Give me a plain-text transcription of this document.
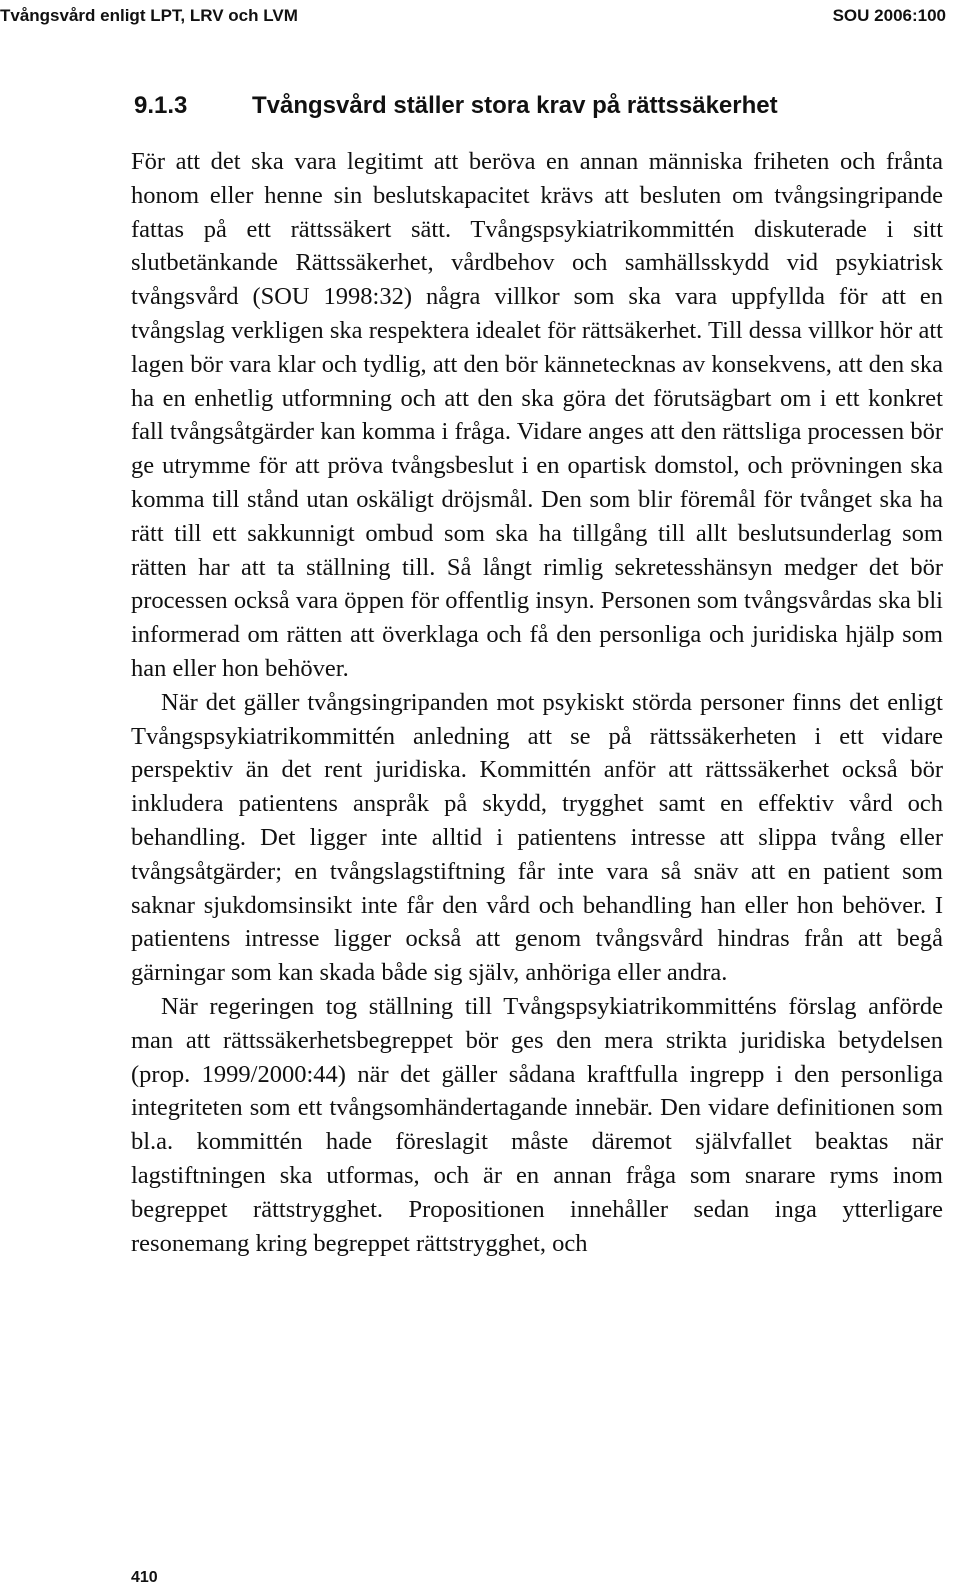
Tvångsvård enligt LPT, LRV och LVM	SOU 2006:100
9.1.3	Tvångsvård ställer stora krav på rättssäkerhet

För att det ska vara legitimt att beröva en annan människa friheten och frånta honom eller henne sin beslutskapacitet krävs att besluten om tvångsingripande fattas på ett rättssäkert sätt. Tvångspsykiatrikommittén diskuterade i sitt slutbetänkande Rättssäkerhet, vårdbehov och samhällsskydd vid psykiatrisk tvångsvård (SOU 1998:32) några villkor som ska vara uppfyllda för att en tvångslag verkligen ska respektera idealet för rättsäkerhet. Till dessa villkor hör att lagen bör vara klar och tydlig, att den bör kännetecknas av konsekvens, att den ska ha en enhetlig utformning och att den ska göra det förutsägbart om i ett konkret fall tvångsåtgärder kan komma i fråga. Vidare anges att den rättsliga processen bör ge utrymme för att pröva tvångsbeslut i en opartisk domstol, och prövningen ska komma till stånd utan oskäligt dröjsmål. Den som blir föremål för tvånget ska ha rätt till ett sakkunnigt ombud som ska ha tillgång till allt beslutsunderlag som rätten har att ta ställning till. Så långt rimlig sekretesshänsyn medger det bör processen också vara öppen för offentlig insyn. Personen som tvångsvårdas ska bli informerad om rätten att överklaga och få den personliga och juridiska hjälp som han eller hon behöver.

När det gäller tvångsingripanden mot psykiskt störda personer finns det enligt Tvångspsykiatrikommittén anledning att se på rättssäkerheten i ett vidare perspektiv än det rent juridiska. Kommittén anför att rättssäkerhet också bör inkludera patientens anspråk på skydd, trygghet samt en effektiv vård och behandling. Det ligger inte alltid i patientens intresse att slippa tvång eller tvångsåtgärder; en tvångslagstiftning får inte vara så snäv att en patient som saknar sjukdomsinsikt inte får den vård och behandling han eller hon behöver. I patientens intresse ligger också att genom tvångsvård hindras från att begå gärningar som kan skada både sig själv, anhöriga eller andra.

När regeringen tog ställning till Tvångspsykiatrikommitténs förslag anförde man att rättssäkerhetsbegreppet bör ges den mera strikta juridiska betydelsen (prop. 1999/2000:44) när det gäller sådana kraftfulla ingrepp i den personliga integriteten som ett tvångsomhändertagande innebär. Den vidare definitionen som bl.a. kommittén hade föreslagit måste däremot självfallet beaktas när lagstiftningen ska utformas, och är en annan fråga som snarare ryms inom begreppet rättstrygghet. Propositionen innehåller sedan inga ytterligare resonemang kring begreppet rättstrygghet, och

410
